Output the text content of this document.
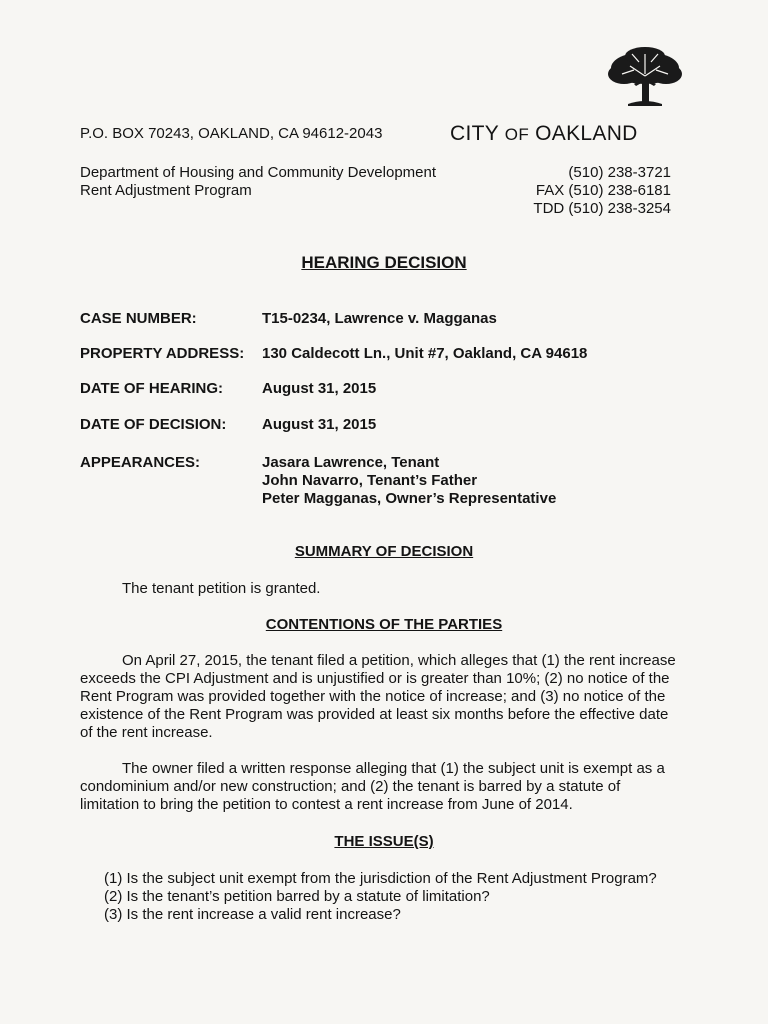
P.O. BOX 70243, OAKLAND, CA 94612-2043	CITY OF OAKLAND
Department of Housing and Community Development
Rent Adjustment Program
(510) 238-3721
FAX (510) 238-6181
TDD (510) 238-3254
HEARING DECISION
CASE NUMBER:	T15-0234, Lawrence v. Magganas
PROPERTY ADDRESS: 130 Caldecott Ln., Unit #7, Oakland, CA 94618
DATE OF HEARING:	August 31, 2015
DATE OF DECISION: August 31, 2015
APPEARANCES:	Jasara Lawrence, Tenant
John Navarro, Tenant’s Father
Peter Magganas, Owner’s Representative
SUMMARY OF DECISION
The tenant petition is granted.
CONTENTIONS OF THE PARTIES
On April 27, 2015, the tenant filed a petition, which alleges that (1) the rent increase exceeds the CPI Adjustment and is unjustified or is greater than 10%; (2) no notice of the Rent Program was provided together with the notice of increase; and (3) no notice of the existence of the Rent Program was provided at least six months before the effective date of the rent increase.
The owner filed a written response alleging that (1) the subject unit is exempt as a condominium and/or new construction; and (2) the tenant is barred by a statute of limitation to bring the petition to contest a rent increase from June of 2014.
THE ISSUE(S)
(1) Is the subject unit exempt from the jurisdiction of the Rent Adjustment Program?
(2) Is the tenant’s petition barred by a statute of limitation?
(3) Is the rent increase a valid rent increase?
